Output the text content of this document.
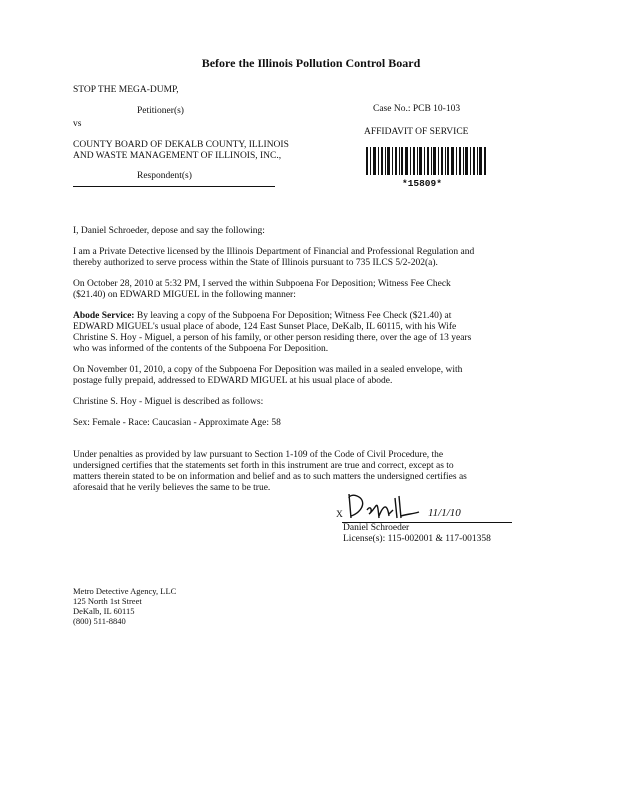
Before the Illinois Pollution Control Board
STOP THE MEGA-DUMP,
Petitioner(s)
vs
COUNTY BOARD OF DEKALB COUNTY, ILLINOIS
AND WASTE MANAGEMENT OF ILLINOIS, INC.,
Respondent(s)
Case No.: PCB 10-103
AFFIDAVIT OF SERVICE
*15809*
I, Daniel Schroeder, depose and say the following:
I am a Private Detective licensed by the Illinois Department of Financial and Professional Regulation and
thereby authorized to serve process within the State of Illinois pursuant to 735 ILCS 5/2-202(a).
On October 28, 2010 at 5:32 PM, I served the within Subpoena For Deposition; Witness Fee Check
($21.40) on EDWARD MIGUEL in the following manner:
Abode Service: By leaving a copy of the Subpoena For Deposition; Witness Fee Check ($21.40) at
EDWARD MIGUEL's usual place of abode, 124 East Sunset Place, DeKalb, IL 60115, with his Wife
Christine S. Hoy - Miguel, a person of his family, or other person residing there, over the age of 13 years
who was informed of the contents of the Subpoena For Deposition.
On November 01, 2010, a copy of the Subpoena For Deposition was mailed in a sealed envelope, with
postage fully prepaid, addressed to EDWARD MIGUEL at his usual place of abode.
Christine S. Hoy - Miguel is described as follows:
Sex: Female - Race: Caucasian - Approximate Age: 58
Under penalties as provided by law pursuant to Section 1-109 of the Code of Civil Procedure, the
undersigned certifies that the statements set forth in this instrument are true and correct, except as to
matters therein stated to be on information and belief and as to such matters the undersigned certifies as
aforesaid that he verily believes the same to be true.
X	11/1/10
Daniel Schroeder
License(s): 115-002001 & 117-001358
Metro Detective Agency, LLC
125 North 1st Street
DeKalb, IL 60115
(800) 511-8840
